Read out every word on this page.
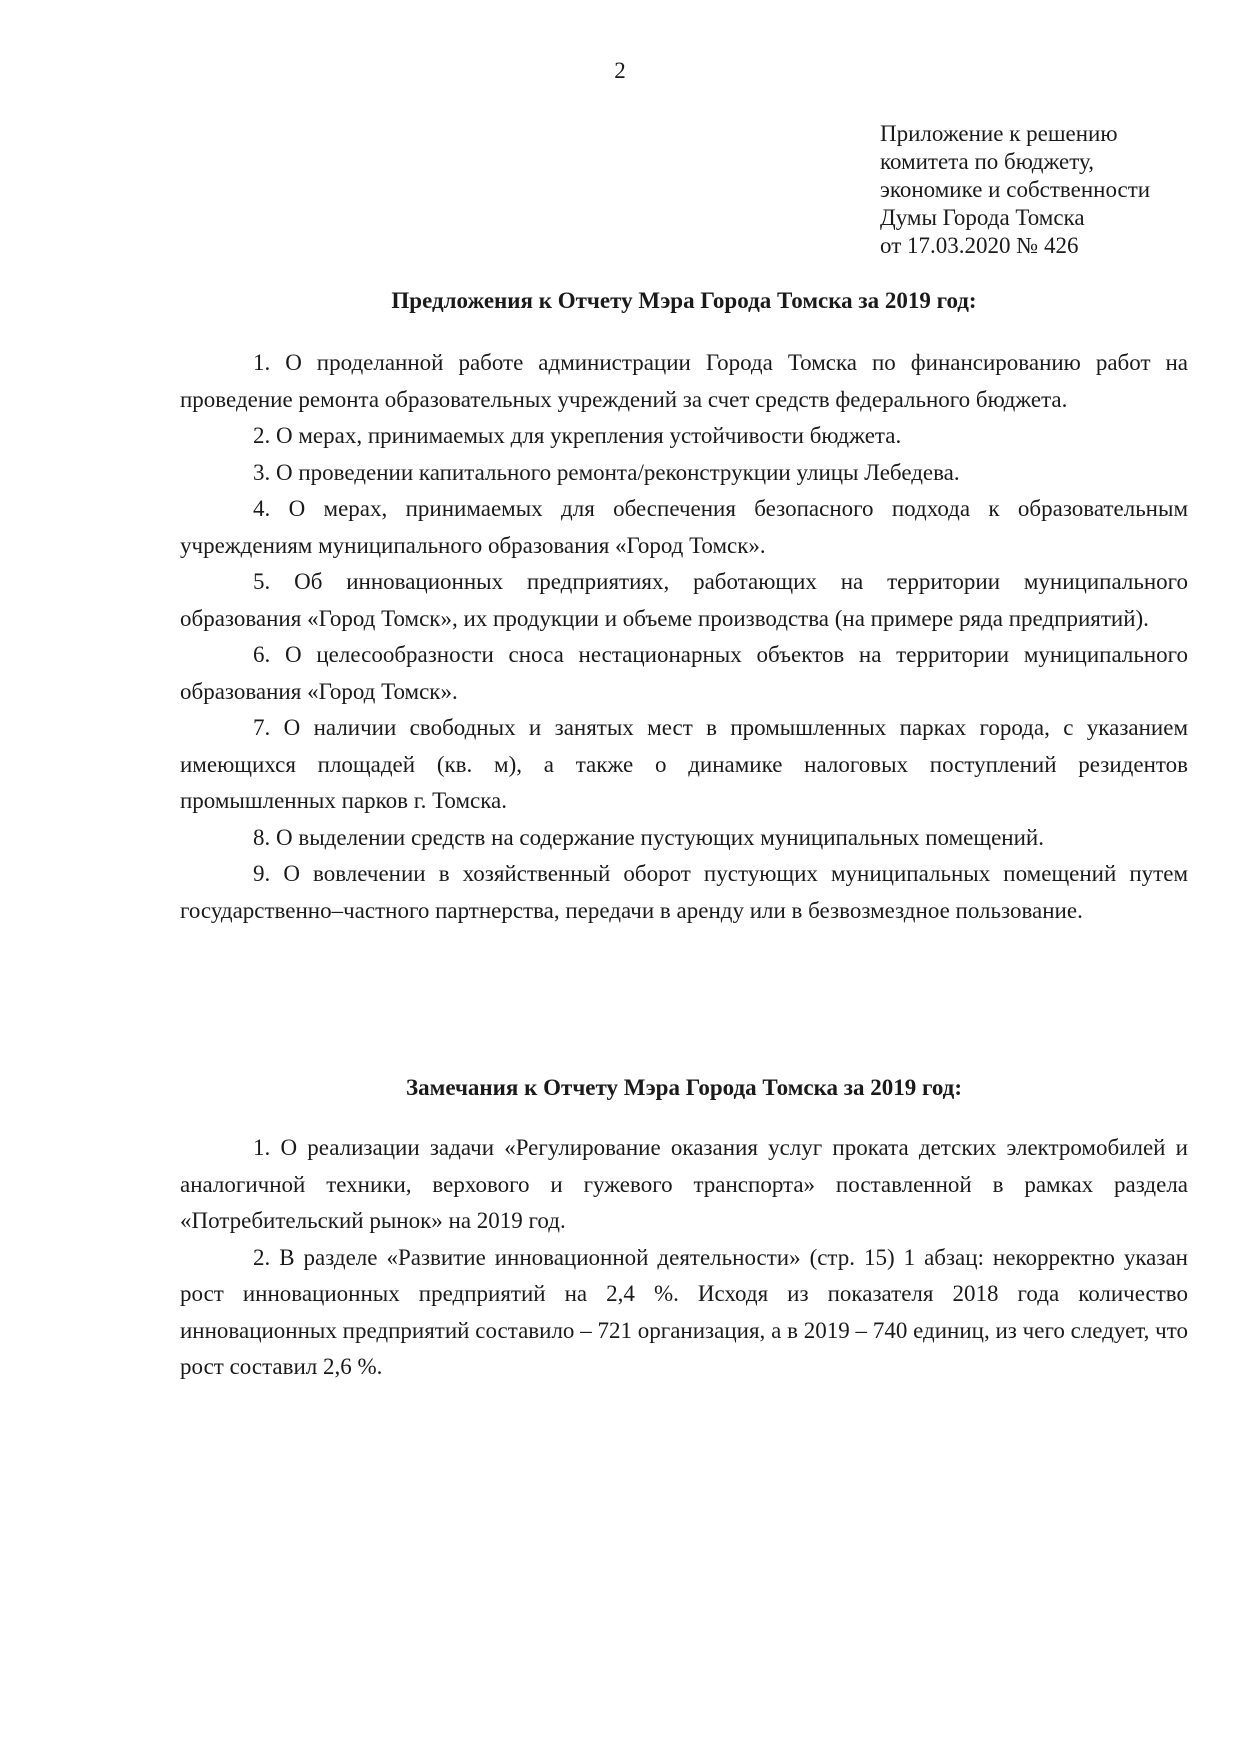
2
Приложение к решению
комитета по бюджету,
экономике и собственности
Думы Города Томска
от 17.03.2020 № 426
Предложения к Отчету Мэра Города Томска за 2019 год:

1. О проделанной работе администрации Города Томска по финансированию работ на проведение ремонта образовательных учреждений за счет средств федерального бюджета.

2. О мерах, принимаемых для укрепления устойчивости бюджета.

3. О проведении капитального ремонта/реконструкции улицы Лебедева.

4. О мерах, принимаемых для обеспечения безопасного подхода к образовательным учреждениям муниципального образования «Город Томск».

5. Об инновационных предприятиях, работающих на территории муниципального образования «Город Томск», их продукции и объеме производства (на примере ряда предприятий).

6. О целесообразности сноса нестационарных объектов на территории муниципального образования «Город Томск».

7. О наличии свободных и занятых мест в промышленных парках города, с указанием имеющихся площадей (кв. м), а также о динамике налоговых поступлений резидентов промышленных парков г. Томска.

8. О выделении средств на содержание пустующих муниципальных помещений.

9. О вовлечении в хозяйственный оборот пустующих муниципальных помещений путем государственно–частного партнерства, передачи в аренду или в безвозмездное пользование.

Замечания к Отчету Мэра Города Томска за 2019 год:

1. О реализации задачи «Регулирование оказания услуг проката детских электромобилей и аналогичной техники, верхового и гужевого транспорта» поставленной в рамках раздела «Потребительский рынок» на 2019 год.

2. В разделе «Развитие инновационной деятельности» (стр. 15) 1 абзац: некорректно указан рост инновационных предприятий на 2,4 %. Исходя из показателя 2018 года количество инновационных предприятий составило – 721 организация, а в 2019 – 740 единиц, из чего следует, что рост составил 2,6 %.
